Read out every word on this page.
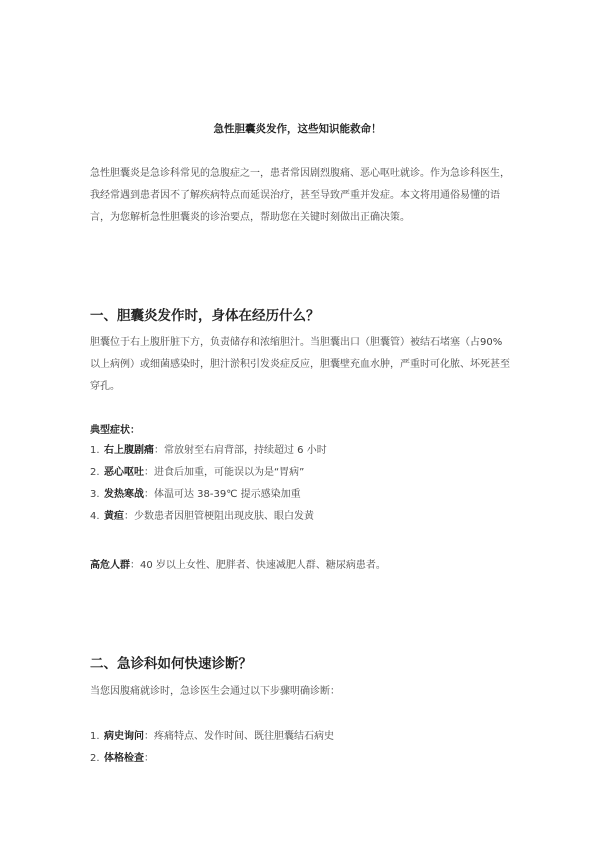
急性胆囊炎发作，这些知识能救命！
急性胆囊炎是急诊科常见的急腹症之一，患者常因剧烈腹痛、恶心呕吐就诊。作为急诊科医生，我经常遇到患者因不了解疾病特点而延误治疗，甚至导致严重并发症。本文将用通俗易懂的语言，为您解析急性胆囊炎的诊治要点，帮助您在关键时刻做出正确决策。
一、胆囊炎发作时，身体在经历什么？
胆囊位于右上腹肝脏下方，负责储存和浓缩胆汁。当胆囊出口（胆囊管）被结石堵塞（占90%以上病例）或细菌感染时，胆汁淤积引发炎症反应，胆囊壁充血水肿，严重时可化脓、坏死甚至穿孔。
典型症状：
1. 右上腹剧痛：常放射至右肩背部，持续超过 6 小时
2. 恶心呕吐：进食后加重，可能误以为是“胃病”
3. 发热寒战：体温可达 38-39℃ 提示感染加重
4. 黄疸：少数患者因胆管梗阻出现皮肤、眼白发黄
高危人群：40 岁以上女性、肥胖者、快速减肥人群、糖尿病患者。
二、急诊科如何快速诊断？
当您因腹痛就诊时，急诊医生会通过以下步骤明确诊断：
1. 病史询问：疼痛特点、发作时间、既往胆囊结石病史
2. 体格检查：
